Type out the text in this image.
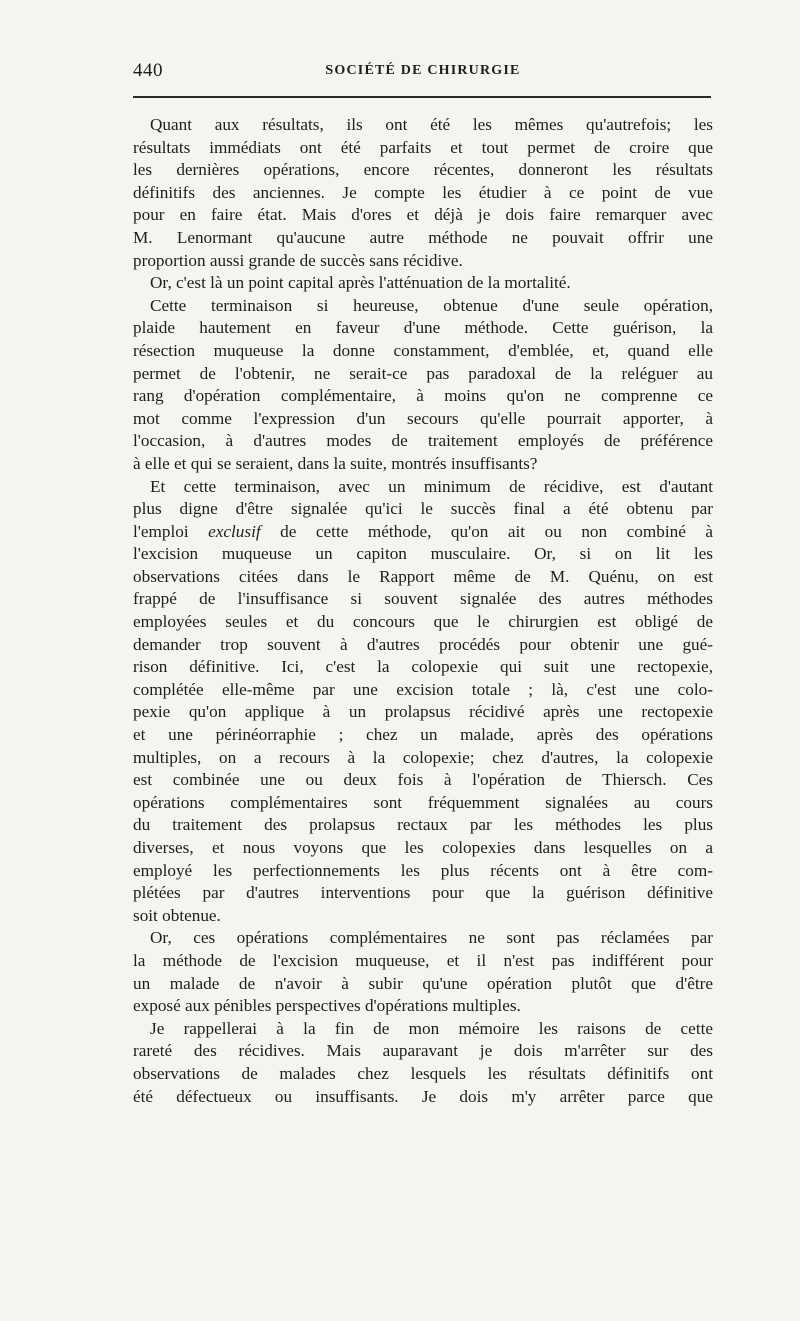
440	SOCIÉTÉ DE CHIRURGIE

Quant aux résultats, ils ont été les mêmes qu'autrefois; les
résultats immédiats ont été parfaits et tout permet de croire que
les dernières opérations, encore récentes, donneront les résultats
définitifs des anciennes. Je compte les étudier à ce point de vue
pour en faire état. Mais d'ores et déjà je dois faire remarquer avec
M. Lenormant qu'aucune autre méthode ne pouvait offrir une
proportion aussi grande de succès sans récidive.

Or, c'est là un point capital après l'atténuation de la mortalité.

Cette terminaison si heureuse, obtenue d'une seule opération,
plaide hautement en faveur d'une méthode. Cette guérison, la
résection muqueuse la donne constamment, d'emblée, et, quand elle
permet de l'obtenir, ne serait-ce pas paradoxal de la reléguer au
rang d'opération complémentaire, à moins qu'on ne comprenne ce
mot comme l'expression d'un secours qu'elle pourrait apporter, à
l'occasion, à d'autres modes de traitement employés de préférence
à elle et qui se seraient, dans la suite, montrés insuffisants?

Et cette terminaison, avec un minimum de récidive, est d'autant
plus digne d'être signalée qu'ici le succès final a été obtenu par
l'emploi exclusif de cette méthode, qu'on ait ou non combiné à
l'excision muqueuse un capiton musculaire. Or, si on lit les
observations citées dans le Rapport même de M. Quénu, on est
frappé de l'insuffisance si souvent signalée des autres méthodes
employées seules et du concours que le chirurgien est obligé de
demander trop souvent à d'autres procédés pour obtenir une gué-
rison définitive. Ici, c'est la colopexie qui suit une rectopexie,
complétée elle-même par une excision totale ; là, c'est une colo-
pexie qu'on applique à un prolapsus récidivé après une rectopexie
et une périnéorraphie ; chez un malade, après des opérations
multiples, on a recours à la colopexie; chez d'autres, la colopexie
est combinée une ou deux fois à l'opération de Thiersch. Ces
opérations complémentaires sont fréquemment signalées au cours
du traitement des prolapsus rectaux par les méthodes les plus
diverses, et nous voyons que les colopexies dans lesquelles on a
employé les perfectionnements les plus récents ont à être com-
plétées par d'autres interventions pour que la guérison définitive
soit obtenue.

Or, ces opérations complémentaires ne sont pas réclamées par
la méthode de l'excision muqueuse, et il n'est pas indifférent pour
un malade de n'avoir à subir qu'une opération plutôt que d'être
exposé aux pénibles perspectives d'opérations multiples.

Je rappellerai à la fin de mon mémoire les raisons de cette
rareté des récidives. Mais auparavant je dois m'arrêter sur des
observations de malades chez lesquels les résultats définitifs ont
été défectueux ou insuffisants. Je dois m'y arrêter parce que
